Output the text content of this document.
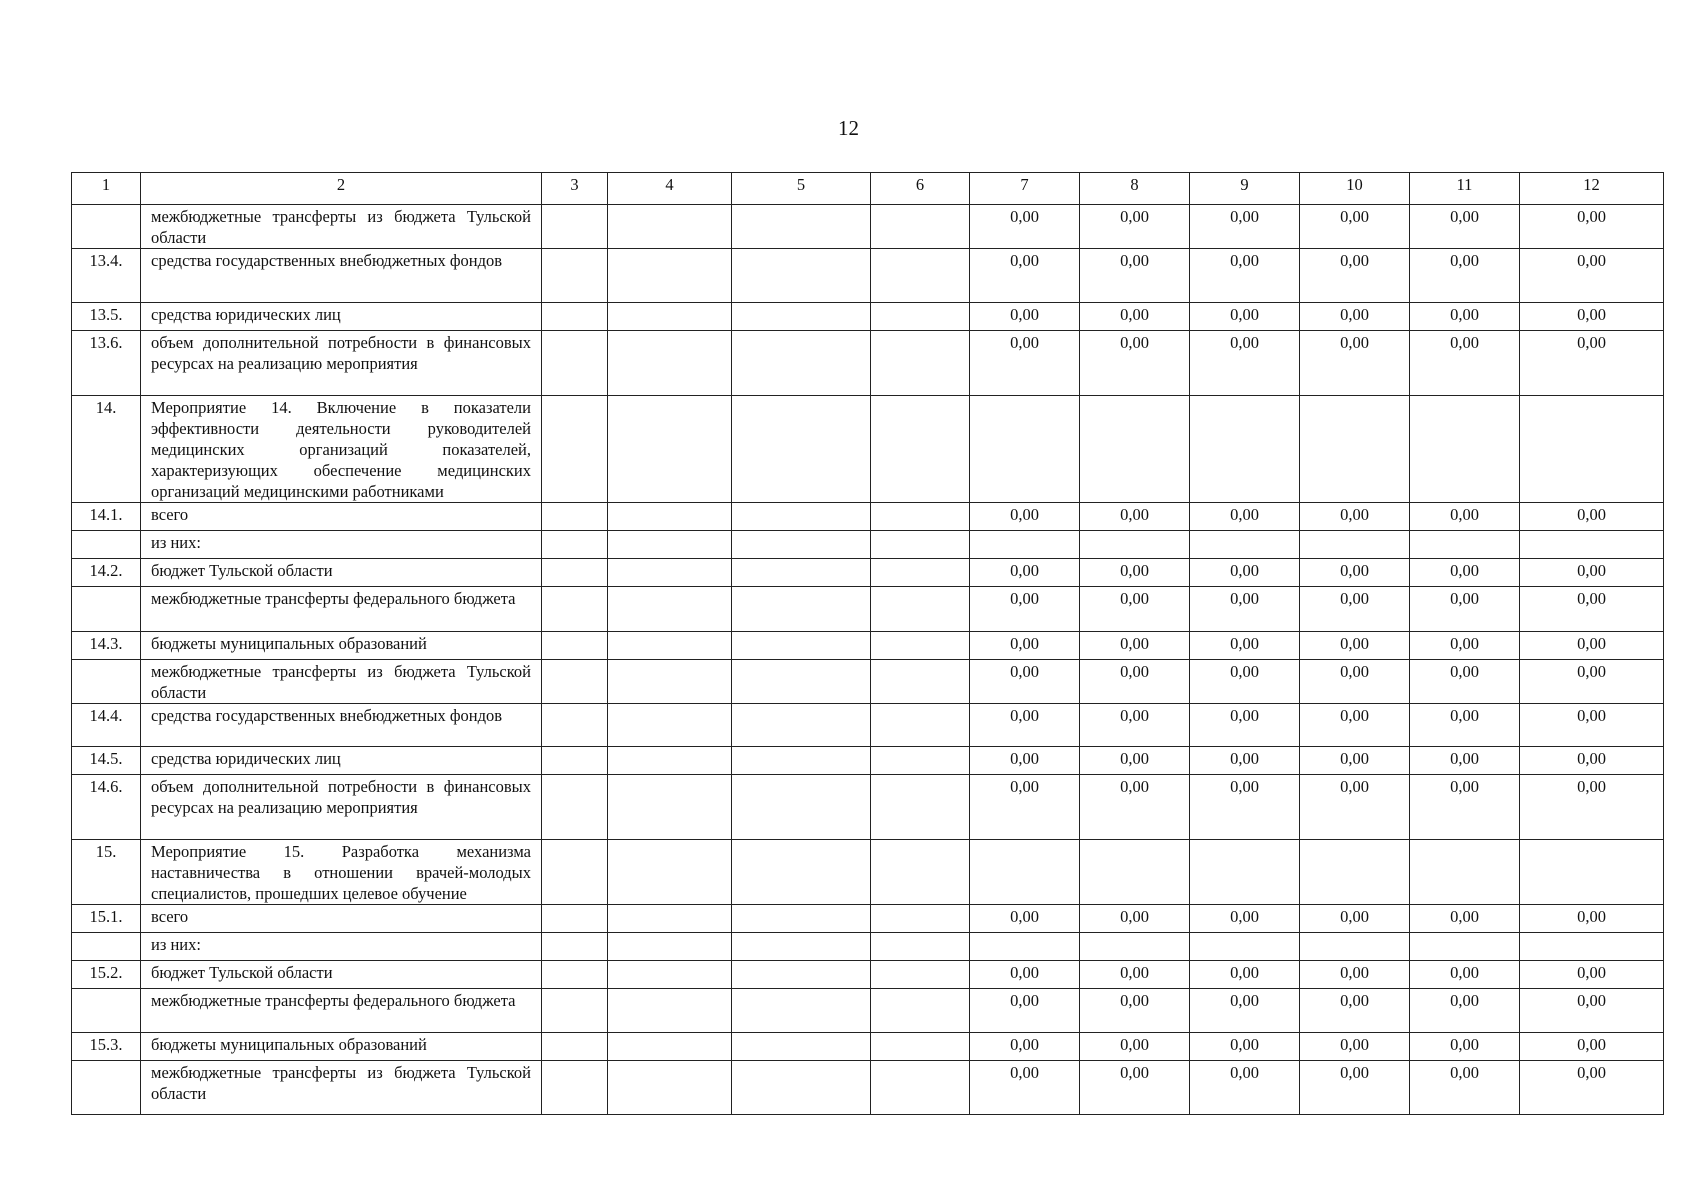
12
1	2	3	4	5	6	7	8	9	10	11	12
	межбюджетные трансферты из бюджета Тульской области					0,00	0,00	0,00	0,00	0,00	0,00
13.4.	средства государственных внебюджетных фондов					0,00	0,00	0,00	0,00	0,00	0,00
13.5.	средства юридических лиц					0,00	0,00	0,00	0,00	0,00	0,00
13.6.	объем дополнительной потребности в финансовых ресурсах на реализацию мероприятия					0,00	0,00	0,00	0,00	0,00	0,00
14.	Мероприятие 14. Включение в показатели эффективности деятельности руководителей медицинских организаций показателей, характеризующих обеспечение медицинских организаций медицинскими работниками										
14.1.	всего					0,00	0,00	0,00	0,00	0,00	0,00
	из них:										
14.2.	бюджет Тульской области					0,00	0,00	0,00	0,00	0,00	0,00
	межбюджетные трансферты федерального бюджета					0,00	0,00	0,00	0,00	0,00	0,00
14.3.	бюджеты муниципальных образований					0,00	0,00	0,00	0,00	0,00	0,00
	межбюджетные трансферты из бюджета Тульской области					0,00	0,00	0,00	0,00	0,00	0,00
14.4.	средства государственных внебюджетных фондов					0,00	0,00	0,00	0,00	0,00	0,00
14.5.	средства юридических лиц					0,00	0,00	0,00	0,00	0,00	0,00
14.6.	объем дополнительной потребности в финансовых ресурсах на реализацию мероприятия					0,00	0,00	0,00	0,00	0,00	0,00
15.	Мероприятие 15. Разработка механизма наставничества в отношении врачей-молодых специалистов, прошедших целевое обучение										
15.1.	всего					0,00	0,00	0,00	0,00	0,00	0,00
	из них:										
15.2.	бюджет Тульской области					0,00	0,00	0,00	0,00	0,00	0,00
	межбюджетные трансферты федерального бюджета					0,00	0,00	0,00	0,00	0,00	0,00
15.3.	бюджеты муниципальных образований					0,00	0,00	0,00	0,00	0,00	0,00
	межбюджетные трансферты из бюджета Тульской области					0,00	0,00	0,00	0,00	0,00	0,00
